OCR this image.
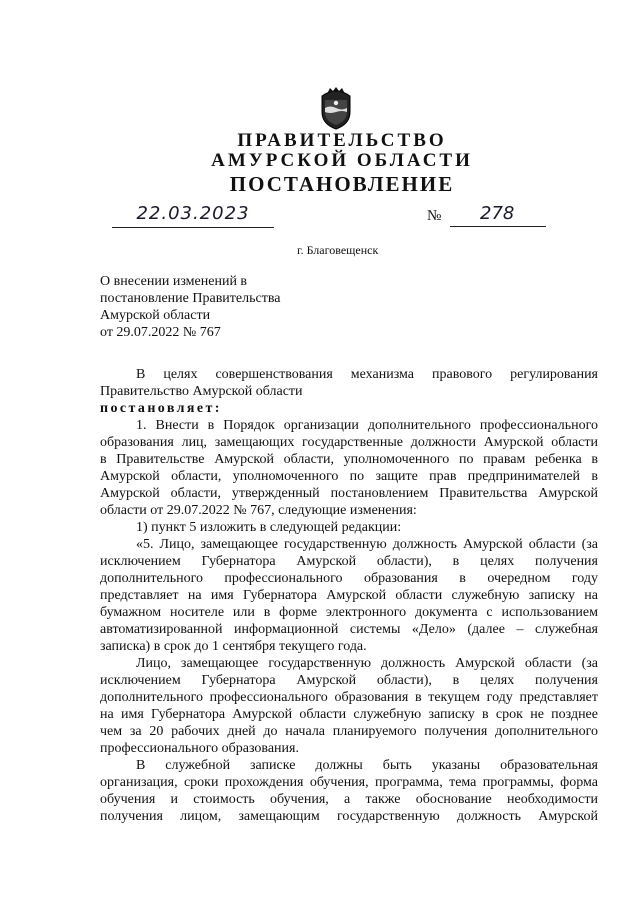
ПРАВИТЕЛЬСТВО
АМУРСКОЙ ОБЛАСТИ
ПОСТАНОВЛЕНИЕ
22.03.2023	№	278
г. Благовещенск
О внесении изменений в
постановление Правительства
Амурской области
от 29.07.2022 № 767
В целях совершенствования механизма правового регулирования
Правительство Амурской области
постановляет:
1. Внести в Порядок организации дополнительного профессионального
образования лиц, замещающих государственные должности Амурской области
в Правительстве Амурской области, уполномоченного по правам ребенка в
Амурской области, уполномоченного по защите прав предпринимателей в
Амурской области, утвержденный постановлением Правительства Амурской
области от 29.07.2022 № 767, следующие изменения:
1) пункт 5 изложить в следующей редакции:
«5. Лицо, замещающее государственную должность Амурской области (за
исключением Губернатора Амурской области), в целях получения
дополнительного профессионального образования в очередном году
представляет на имя Губернатора Амурской области служебную записку на
бумажном носителе или в форме электронного документа с использованием
автоматизированной информационной системы «Дело» (далее – служебная
записка) в срок до 1 сентября текущего года.
Лицо, замещающее государственную должность Амурской области (за
исключением Губернатора Амурской области), в целях получения
дополнительного профессионального образования в текущем году представляет
на имя Губернатора Амурской области служебную записку в срок не позднее
чем за 20 рабочих дней до начала планируемого получения дополнительного
профессионального образования.
В служебной записке должны быть указаны образовательная
организация, сроки прохождения обучения, программа, тема программы, форма
обучения и стоимость обучения, а также обоснование необходимости
получения лицом, замещающим государственную должность Амурской
